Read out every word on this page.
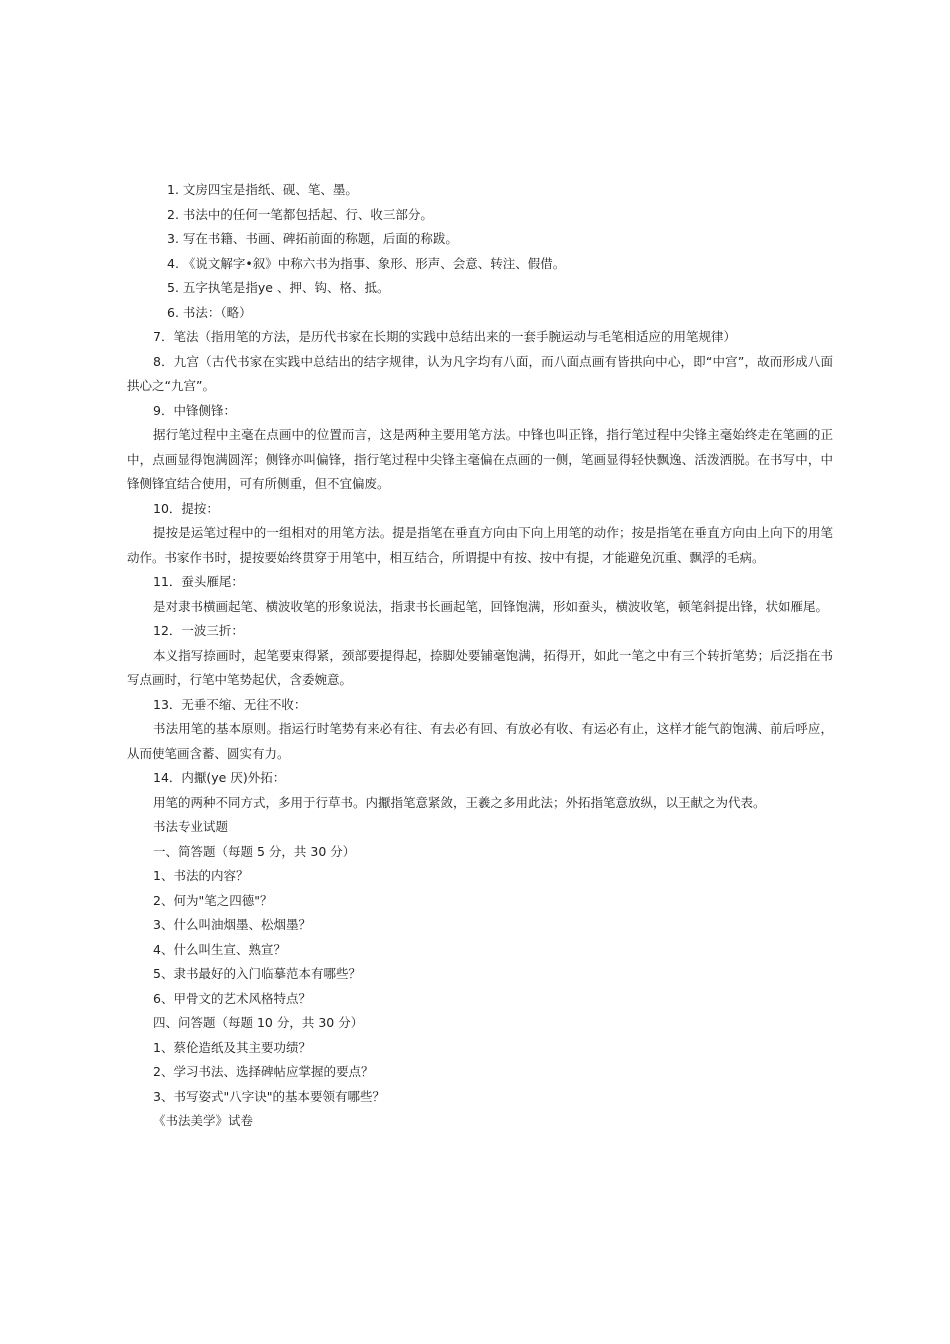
1. 文房四宝是指纸、砚、笔、墨。
2. 书法中的任何一笔都包括起、行、收三部分。
3. 写在书籍、书画、碑拓前面的称题，后面的称跋。
4. 《说文解字•叙》中称六书为指事、象形、形声、会意、转注、假借。
5. 五字执笔是指ye 、押、钩、格、抵。
6. 书法：（略）
7．笔法（指用笔的方法，是历代书家在长期的实践中总结出来的一套手腕运动与毛笔相适应的用笔规律）
8．九宫（古代书家在实践中总结出的结字规律，认为凡字均有八面，而八面点画有皆拱向中心，即“中宫”，故而形成八面拱心之“九宫”。
9．中锋侧锋：
据行笔过程中主毫在点画中的位置而言，这是两种主要用笔方法。中锋也叫正锋，指行笔过程中尖锋主毫始终走在笔画的正中，点画显得饱满圆浑；侧锋亦叫偏锋，指行笔过程中尖锋主毫偏在点画的一侧，笔画显得轻快飘逸、活泼洒脱。在书写中，中锋侧锋宜结合使用，可有所侧重，但不宜偏废。
10．提按：
提按是运笔过程中的一组相对的用笔方法。提是指笔在垂直方向由下向上用笔的动作；按是指笔在垂直方向由上向下的用笔动作。书家作书时，提按要始终贯穿于用笔中，相互结合，所谓提中有按、按中有提，才能避免沉重、飘浮的毛病。
11．蚕头雁尾：
是对隶书横画起笔、横波收笔的形象说法，指隶书长画起笔，回锋饱满，形如蚕头，横波收笔，顿笔斜提出锋，状如雁尾。
12．一波三折：
本义指写捺画时，起笔要束得紧，颈部要提得起，捺脚处要铺毫饱满，拓得开，如此一笔之中有三个转折笔势；后泛指在书写点画时，行笔中笔势起伏，含委婉意。
13．无垂不缩、无往不收：
书法用笔的基本原则。指运行时笔势有来必有往、有去必有回、有放必有收、有运必有止，这样才能气韵饱满、前后呼应，从而使笔画含蓄、圆实有力。
14．内擫(ye 厌)外拓：
用笔的两种不同方式，多用于行草书。内擫指笔意紧敛，王羲之多用此法；外拓指笔意放纵，以王献之为代表。
书法专业试题
一、简答题（每题 5 分，共 30 分）
1、书法的内容？
2、何为"笔之四德"？
3、什么叫油烟墨、松烟墨？
4、什么叫生宣、熟宣？
5、隶书最好的入门临摹范本有哪些？
6、甲骨文的艺术风格特点？
四、问答题（每题 10 分，共 30 分）
1、蔡伦造纸及其主要功绩？
2、学习书法、选择碑帖应掌握的要点？
3、书写姿式"八字诀"的基本要领有哪些？
《书法美学》试卷
